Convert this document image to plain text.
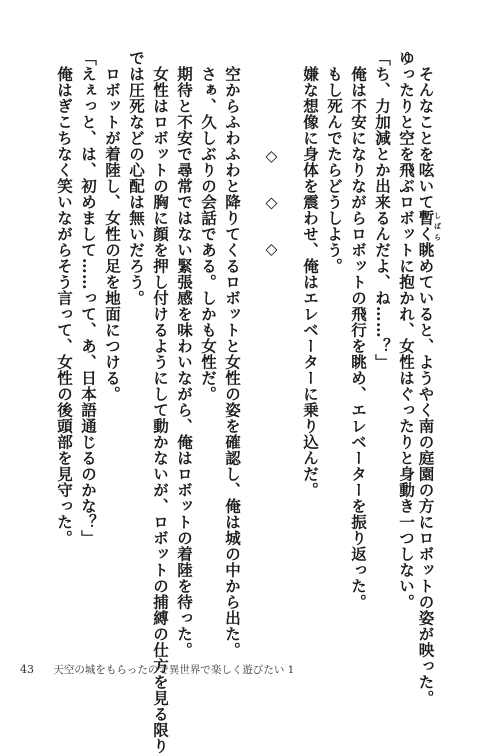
そんなことを呟いて暫くしばら眺めていると、ようやく南の庭園の方にロボットの姿が映った。
ゆったりと空を飛ぶロボットに抱かれ、女性はぐったりと身動き一つしない。
「ち、力加減とか出来るんだよ、ね……？」
俺は不安になりながらロボットの飛行を眺め、エレベーターを振り返った。
もし死んでたらどうしよう。
嫌な想像に身体を震わせ、俺はエレベーターに乗り込んだ。
◇　◇　◇
空からふわふわと降りてくるロボットと女性の姿を確認し、俺は城の中から出た。
さぁ、久しぶりの会話である。しかも女性だ。
期待と不安で尋常ではない緊張感を味わいながら、俺はロボットの着陸を待った。
女性はロボットの胸に顔を押し付けるようにして動かないが、ロボットの捕縛の仕方を見る限り
では圧死などの心配は無いだろう。
ロボットが着陸し、女性の足を地面につける。
「えぇっと、は、初めまして……って、あ、日本語通じるのかな？」
俺はぎこちなく笑いながらそう言って、女性の後頭部を見守った。
43 天空の城をもらったので異世界で楽しく遊びたい 1
